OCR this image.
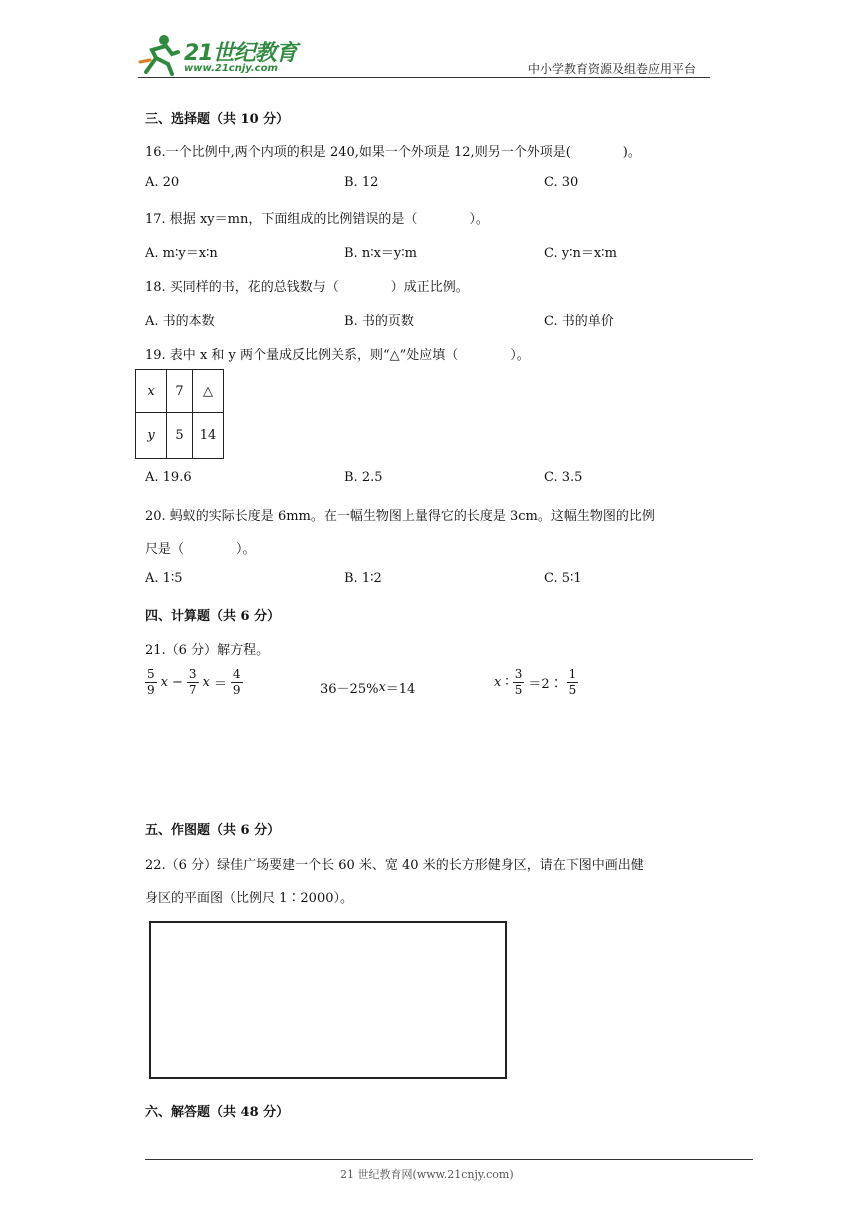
21世纪教育
www.21cnjy.com	中小学教育资源及组卷应用平台
三、选择题（共 10 分）
16.一个比例中,两个内项的积是 240,如果一个外项是 12,则另一个外项是(　　　　)。
A. 20	B. 12	C. 30
17. 根据 xy＝mn，下面组成的比例错误的是（　　　　）。
A. m∶y＝x∶n	B. n∶x＝y∶m	C. y∶n＝x∶m
18. 买同样的书，花的总钱数与（　　　　）成正比例。
A. 书的本数	B. 书的页数	C. 书的单价
19. 表中 x 和 y 两个量成反比例关系，则“△”处应填（　　　　）。
x	7	△
y	5	14
A. 19.6	B. 2.5	C. 3.5
20. 蚂蚁的实际长度是 6mm。在一幅生物图上量得它的长度是 3cm。这幅生物图的比例
尺是（　　　　）。
A. 1∶5	B. 1∶2	C. 5∶1
四、计算题（共 6 分）
21.（6 分）解方程。
$\frac{5}{9}$ $x - \frac{3}{7}$ $x = \frac{4}{9}$	36－25% x ＝14	x ∶ $\frac{3}{5}$ ＝2∶ $\frac{1}{5}$
五、作图题（共 6 分）
22.（6 分）绿佳广场要建一个长 60 米、宽 40 米的长方形健身区，请在下图中画出健
身区的平面图（比例尺 1∶2000）。
六、解答题（共 48 分）
21 世纪教育网(www.21cnjy.com)
